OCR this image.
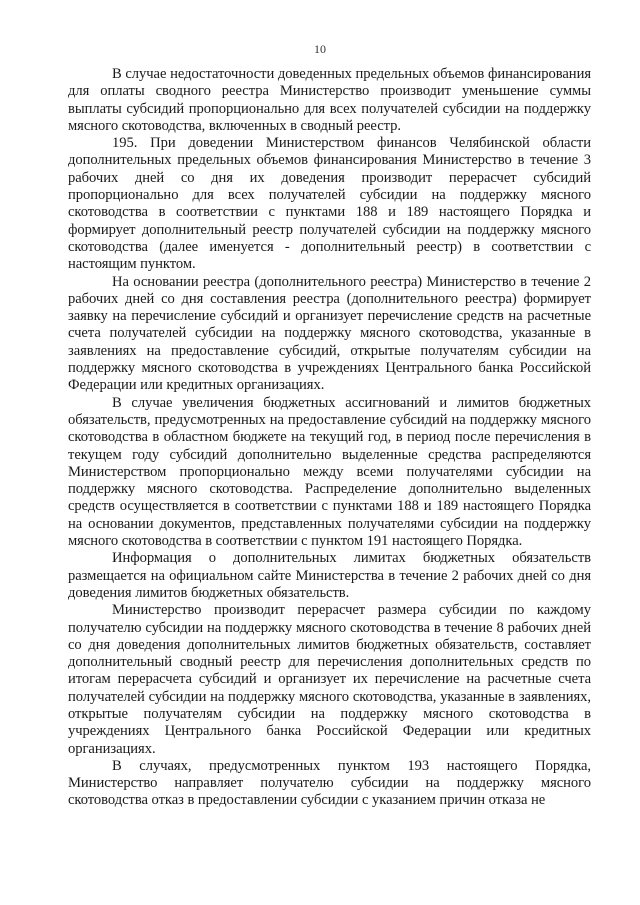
10

В случае недостаточности доведенных предельных объемов финансирования для оплаты сводного реестра Министерство производит уменьшение суммы выплаты субсидий пропорционально для всех получателей субсидии на поддержку мясного скотоводства, включенных в сводный реестр.

195. При доведении Министерством финансов Челябинской области дополнительных предельных объемов финансирования Министерство в течение 3 рабочих дней со дня их доведения производит перерасчет субсидий пропорционально для всех получателей субсидии на поддержку мясного скотоводства в соответствии с пунктами 188 и 189 настоящего Порядка и формирует дополнительный реестр получателей субсидии на поддержку мясного скотоводства (далее именуется - дополнительный реестр) в соответствии с настоящим пунктом.

На основании реестра (дополнительного реестра) Министерство в течение 2 рабочих дней со дня составления реестра (дополнительного реестра) формирует заявку на перечисление субсидий и организует перечисление средств на расчетные счета получателей субсидии на поддержку мясного скотоводства, указанные в заявлениях на предоставление субсидий, открытые получателям субсидии на поддержку мясного скотоводства в учреждениях Центрального банка Российской Федерации или кредитных организациях.

В случае увеличения бюджетных ассигнований и лимитов бюджетных обязательств, предусмотренных на предоставление субсидий на поддержку мясного скотоводства в областном бюджете на текущий год, в период после перечисления в текущем году субсидий дополнительно выделенные средства распределяются Министерством пропорционально между всеми получателями субсидии на поддержку мясного скотоводства. Распределение дополнительно выделенных средств осуществляется в соответствии с пунктами 188 и 189 настоящего Порядка на основании документов, представленных получателями субсидии на поддержку мясного скотоводства в соответствии с пунктом 191 настоящего Порядка.

Информация о дополнительных лимитах бюджетных обязательств размещается на официальном сайте Министерства в течение 2 рабочих дней со дня доведения лимитов бюджетных обязательств.

Министерство производит перерасчет размера субсидии по каждому получателю субсидии на поддержку мясного скотоводства в течение 8 рабочих дней со дня доведения дополнительных лимитов бюджетных обязательств, составляет дополнительный сводный реестр для перечисления дополнительных средств по итогам перерасчета субсидий и организует их перечисление на расчетные счета получателей субсидии на поддержку мясного скотоводства, указанные в заявлениях, открытые получателям субсидии на поддержку мясного скотоводства в учреждениях Центрального банка Российской Федерации или кредитных организациях.

В случаях, предусмотренных пунктом 193 настоящего Порядка, Министерство направляет получателю субсидии на поддержку мясного скотоводства отказ в предоставлении субсидии с указанием причин отказа не
